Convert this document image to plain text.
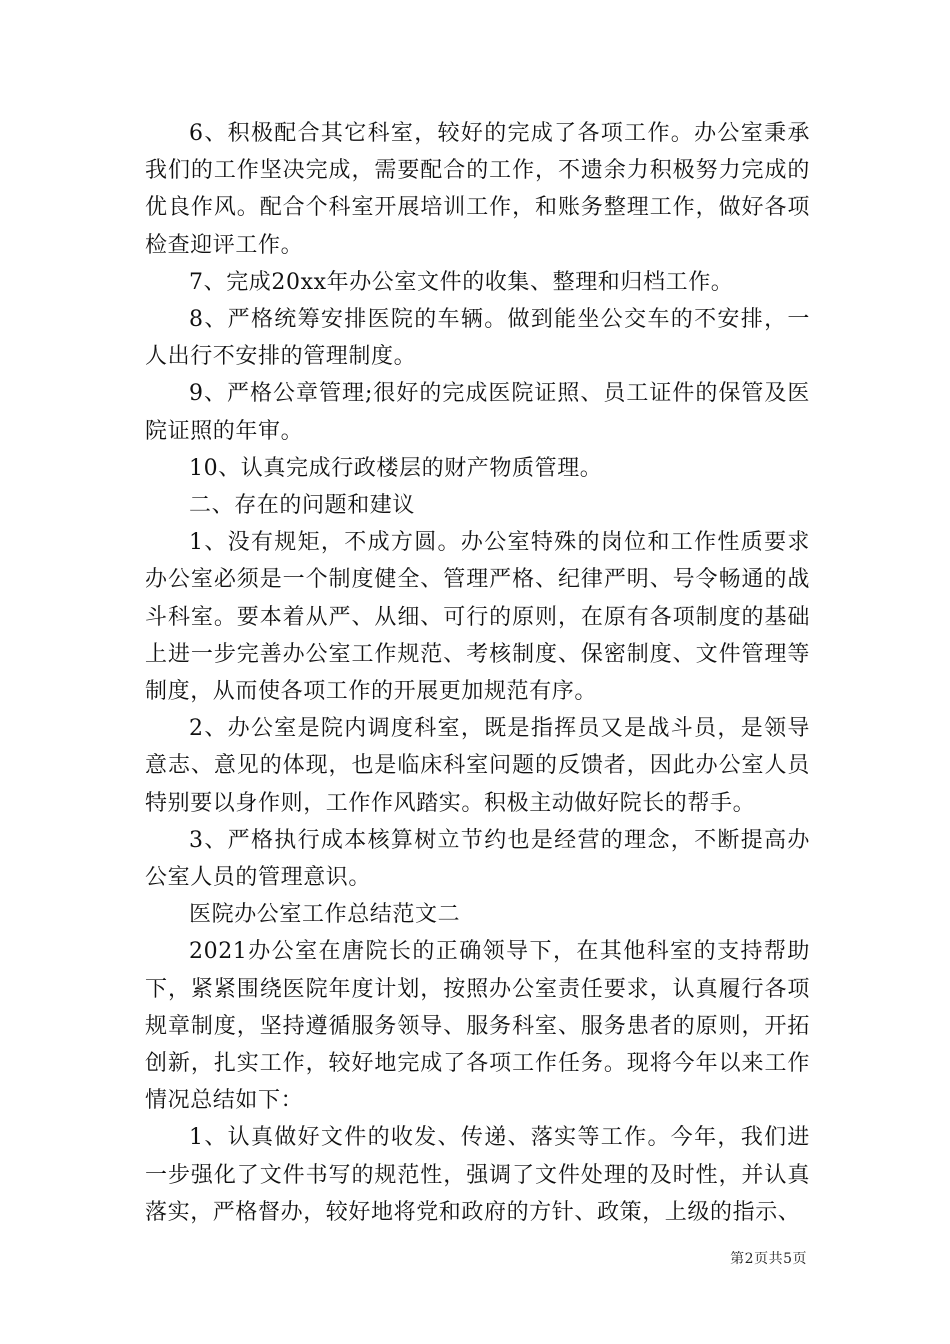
6、积极配合其它科室，较好的完成了各项工作。办公室秉承我们的工作坚决完成，需要配合的工作，不遗余力积极努力完成的优良作风。配合个科室开展培训工作，和账务整理工作，做好各项检查迎评工作。

7、完成20xx年办公室文件的收集、整理和归档工作。

8、严格统筹安排医院的车辆。做到能坐公交车的不安排，一人出行不安排的管理制度。

9、严格公章管理;很好的完成医院证照、员工证件的保管及医院证照的年审。

10、认真完成行政楼层的财产物质管理。

二、存在的问题和建议

1、没有规矩，不成方圆。办公室特殊的岗位和工作性质要求办公室必须是一个制度健全、管理严格、纪律严明、号令畅通的战斗科室。要本着从严、从细、可行的原则，在原有各项制度的基础上进一步完善办公室工作规范、考核制度、保密制度、文件管理等制度，从而使各项工作的开展更加规范有序。

2、办公室是院内调度科室，既是指挥员又是战斗员，是领导意志、意见的体现，也是临床科室问题的反馈者，因此办公室人员特别要以身作则，工作作风踏实。积极主动做好院长的帮手。

3、严格执行成本核算树立节约也是经营的理念，不断提高办公室人员的管理意识。

医院办公室工作总结范文二

2021办公室在唐院长的正确领导下，在其他科室的支持帮助下，紧紧围绕医院年度计划，按照办公室责任要求，认真履行各项规章制度，坚持遵循服务领导、服务科室、服务患者的原则，开拓创新，扎实工作，较好地完成了各项工作任务。现将今年以来工作情况总结如下：

1、认真做好文件的收发、传递、落实等工作。今年，我们进一步强化了文件书写的规范性，强调了文件处理的及时性，并认真落实，严格督办，较好地将党和政府的方针、政策，上级的指示、

第2页共5页
